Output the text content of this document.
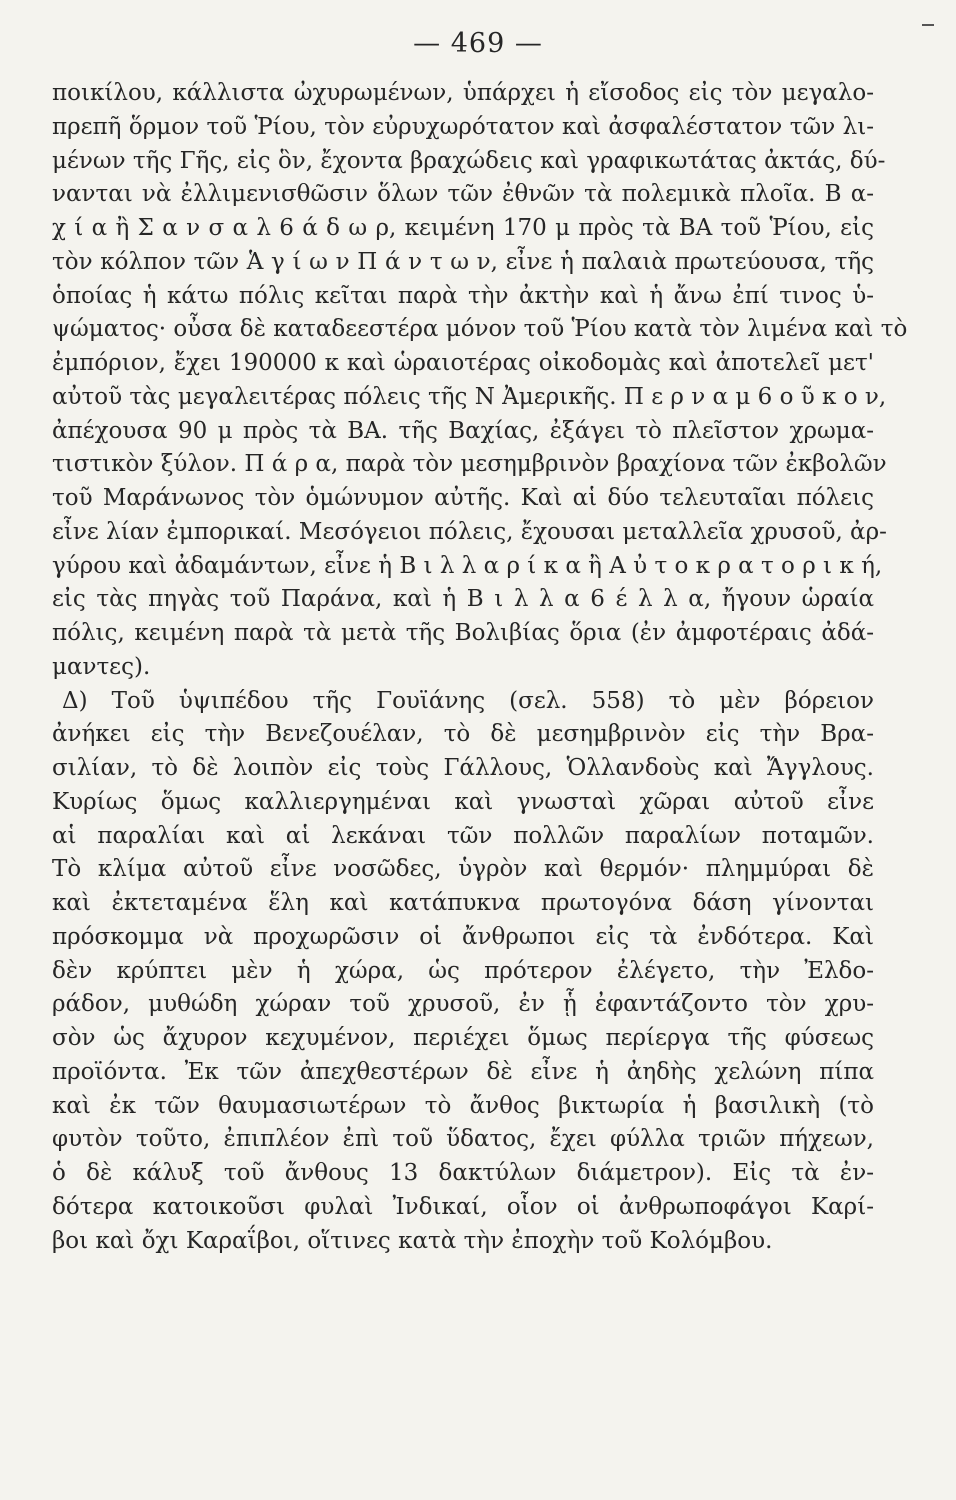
— 469 —
ποικίλου, κάλλιστα ὠχυρωμένων, ὑπάρχει ἡ εἴσοδος εἰς τὸν μεγαλο-
πρεπῆ ὅρμον τοῦ Ῥίου, τὸν εὐρυχωρότατον καὶ ἀσφαλέστατον τῶν λι-
μένων τῆς Γῆς, εἰς ὃν, ἔχοντα βραχώδεις καὶ γραφικωτάτας ἀκτάς, δύ-
νανται νὰ ἐλλιμενισθῶσιν ὅλων τῶν ἐθνῶν τὰ πολεμικὰ πλοῖα. Β α-
χ ί α ἢ Σ α ν σ α λ 6 ά δ ω ρ, κειμένη 170 μ πρὸς τὰ ΒΑ τοῦ Ῥίου, εἰς
τὸν κόλπον τῶν Ἁ γ ί ω ν Π ά ν τ ω ν, εἶνε ἡ παλαιὰ πρωτεύουσα, τῆς
ὁποίας ἡ κάτω πόλις κεῖται παρὰ τὴν ἀκτὴν καὶ ἡ ἄνω ἐπί τινος ὑ-
ψώματος· οὖσα δὲ καταδεεστέρα μόνον τοῦ Ῥίου κατὰ τὸν λιμένα καὶ τὸ
ἐμπόριον, ἔχει 190000 κ καὶ ὡραιοτέρας οἰκοδομὰς καὶ ἀποτελεῖ μετ'
αὐτοῦ τὰς μεγαλειτέρας πόλεις τῆς Ν Ἀμερικῆς. Π ε ρ ν α μ 6 ο ῦ κ ο ν,
ἀπέχουσα 90 μ πρὸς τὰ ΒΑ. τῆς Βαχίας, ἐξάγει τὸ πλεῖστον χρωμα-
τιστικὸν ξύλον. Π ά ρ α, παρὰ τὸν μεσημβρινὸν βραχίονα τῶν ἐκβολῶν
τοῦ Μαράνωνος τὸν ὁμώνυμον αὐτῆς. Καὶ αἱ δύο τελευταῖαι πόλεις
εἶνε λίαν ἐμπορικαί. Μεσόγειοι πόλεις, ἔχουσαι μεταλλεῖα χρυσοῦ, ἀρ-
γύρου καὶ ἀδαμάντων, εἶνε ἡ Β ι λ λ α ρ ί κ α ἢ Α ὐ τ ο κ ρ α τ ο ρ ι κ ή,
εἰς τὰς πηγὰς τοῦ Παράνα, καὶ ἡ Β ι λ λ α 6 έ λ λ α, ἤγουν ὡραία
πόλις, κειμένη παρὰ τὰ μετὰ τῆς Βολιβίας ὅρια (ἐν ἀμφοτέραις ἀδά-
μαντες).
Δ) Τοῦ ὑψιπέδου τῆς Γουϊάνης (σελ. 558) τὸ μὲν βόρειον
ἀνήκει εἰς τὴν Βενεζουέλαν, τὸ δὲ μεσημβρινὸν εἰς τὴν Βρα-
σιλίαν, τὸ δὲ λοιπὸν εἰς τοὺς Γάλλους, Ὁλλανδοὺς καὶ Ἄγγλους.
Κυρίως ὅμως καλλιεργημέναι καὶ γνωσταὶ χῶραι αὐτοῦ εἶνε
αἱ παραλίαι καὶ αἱ λεκάναι τῶν πολλῶν παραλίων ποταμῶν.
Τὸ κλίμα αὐτοῦ εἶνε νοσῶδες, ὑγρὸν καὶ θερμόν· πλημμύραι δὲ
καὶ ἐκτεταμένα ἕλη καὶ κατάπυκνα πρωτογόνα δάση γίνονται
πρόσκομμα νὰ προχωρῶσιν οἱ ἄνθρωποι εἰς τὰ ἐνδότερα. Καὶ
δὲν κρύπτει μὲν ἡ χώρα, ὡς πρότερον ἐλέγετο, τὴν Ἐλδο-
ράδον, μυθώδη χώραν τοῦ χρυσοῦ, ἐν ᾗ ἐφαντάζοντο τὸν χρυ-
σὸν ὡς ἄχυρον κεχυμένον, περιέχει ὅμως περίεργα τῆς φύσεως
προϊόντα. Ἐκ τῶν ἀπεχθεστέρων δὲ εἶνε ἡ ἀηδὴς χελώνη πίπα
καὶ ἐκ τῶν θαυμασιωτέρων τὸ ἄνθος βικτωρία ἡ βασιλικὴ (τὸ
φυτὸν τοῦτο, ἐπιπλέον ἐπὶ τοῦ ὕδατος, ἔχει φύλλα τριῶν πήχεων,
ὁ δὲ κάλυξ τοῦ ἄνθους 13 δακτύλων διάμετρον). Εἰς τὰ ἐν-
δότερα κατοικοῦσι φυλαὶ Ἰνδικαί, οἷον οἱ ἀνθρωποφάγοι Καρί-
βοι καὶ ὄχι Καραΐβοι, οἵτινες κατὰ τὴν ἐποχὴν τοῦ Κολόμβου.
